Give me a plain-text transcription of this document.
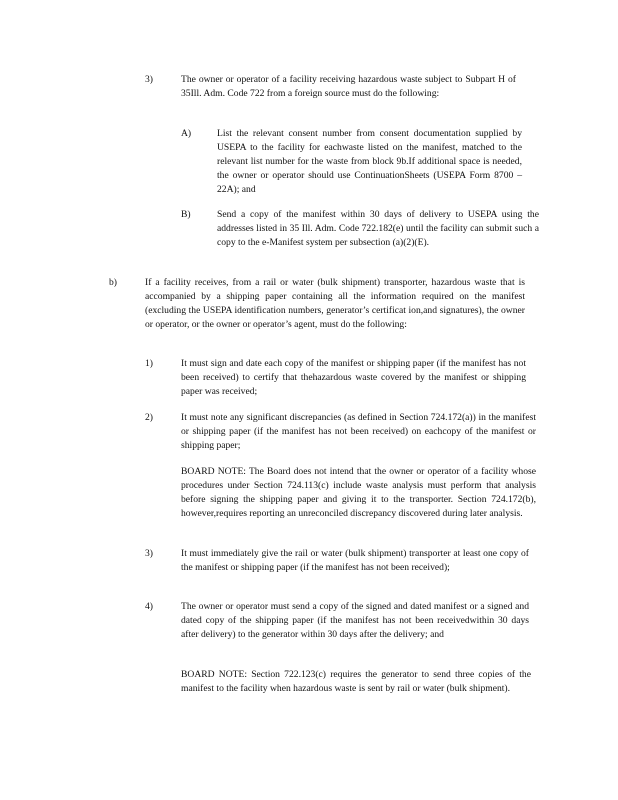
3)	The owner or operator of a facility receiving hazardous waste subject to Subpart H of 35Ill. Adm. Code 722 from a foreign source must do the following:

A)	List the relevant consent number from consent documentation supplied by USEPA to the facility for eachwaste listed on the manifest, matched to the relevant list number for the waste from block 9b.If additional space is needed, the owner or operator should use ContinuationSheets (USEPA Form 8700 –22A); and

B)	Send a copy of the manifest within 30 days of delivery to USEPA using the addresses listed in 35 Ill. Adm. Code 722.182(e) until the facility can submit such a copy to the e-Manifest system per subsection (a)(2)(E).

b)	If a facility receives, from a rail or water (bulk shipment) transporter, hazardous waste that is accompanied by a shipping paper containing all the information required on the manifest (excluding the USEPA identification numbers, generator’s certificat ion,and signatures), the owner or operator, or the owner or operator’s agent, must do the following:

1)	It must sign and date each copy of the manifest or shipping paper (if the manifest has not been received) to certify that thehazardous waste covered by the manifest or shipping paper was received;

2)	It must note any significant discrepancies (as defined in Section 724.172(a)) in the manifest or shipping paper (if the manifest has not been received) on eachcopy of the manifest or shipping paper;

BOARD NOTE: The Board does not intend that the owner or operator of a facility whose procedures under Section 724.113(c) include waste analysis must perform that analysis before signing the shipping paper and giving it to the transporter. Section 724.172(b), however,requires reporting an unreconciled discrepancy discovered during later analysis.

3)	It must immediately give the rail or water (bulk shipment) transporter at least one copy of the manifest or shipping paper (if the manifest has not been received);

4)	The owner or operator must send a copy of the signed and dated manifest or a signed and dated copy of the shipping paper (if the manifest has not been receivedwithin 30 days after delivery) to the generator within 30 days after the delivery; and

BOARD NOTE: Section 722.123(c) requires the generator to send three copies of the manifest to the facility when hazardous waste is sent by rail or water (bulk shipment).
